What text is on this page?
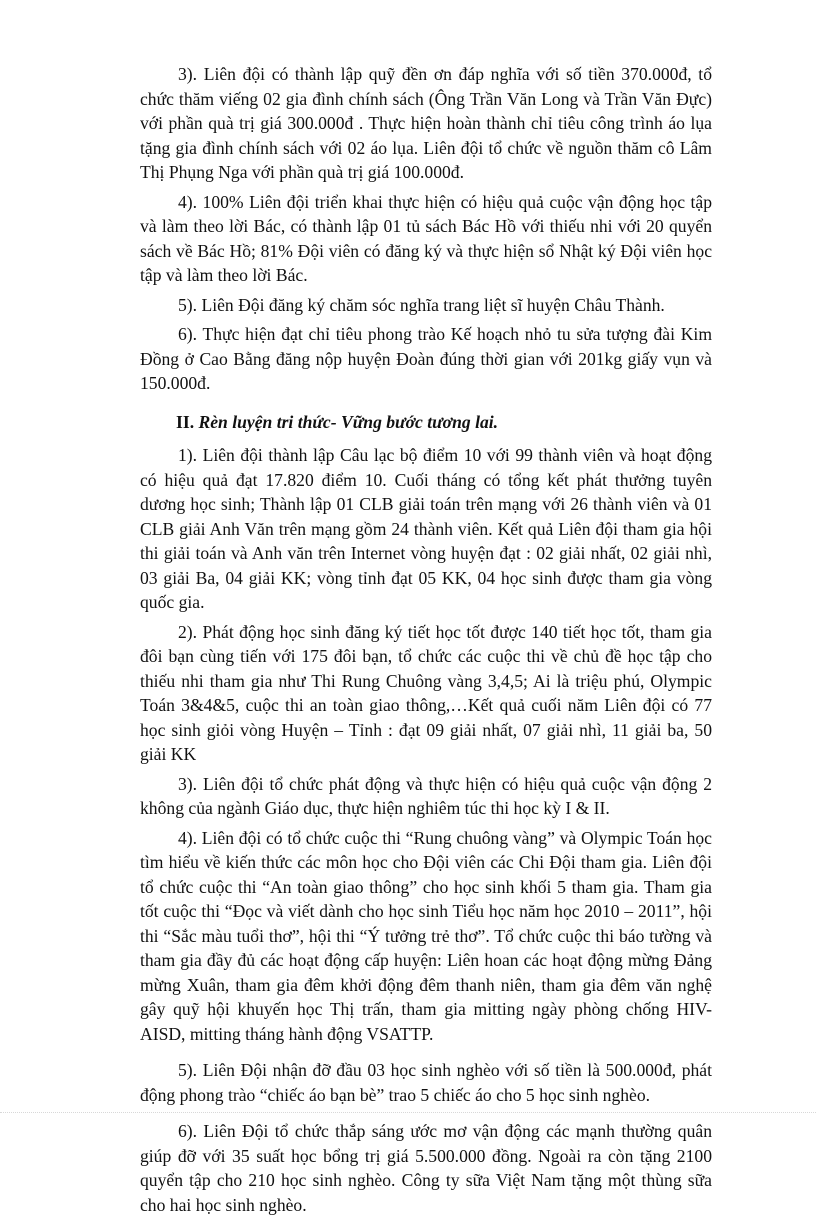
3). Liên đội có thành lập quỹ đền ơn đáp nghĩa với số tiền 370.000đ, tổ chức thăm viếng 02 gia đình chính sách (Ông Trần Văn Long và Trần Văn Đực) với phần quà trị giá 300.000đ . Thực hiện hoàn thành chỉ tiêu công trình áo lụa tặng gia đình chính sách với 02 áo lụa. Liên đội tổ chức về nguồn thăm cô Lâm Thị Phụng Nga với phần quà trị giá 100.000đ.

4). 100% Liên đội triển khai thực hiện có hiệu quả cuộc vận động học tập và làm theo lời Bác, có thành lập 01 tủ sách Bác Hồ với thiếu nhi với 20 quyển sách về Bác Hồ; 81% Đội viên có đăng ký và thực hiện sổ Nhật ký Đội viên học tập và làm theo lời Bác.

5). Liên Đội đăng ký chăm sóc nghĩa trang liệt sĩ huyện Châu Thành.

6). Thực hiện đạt chỉ tiêu phong trào Kế hoạch nhỏ tu sửa tượng đài Kim Đồng ở Cao Bằng đăng nộp huyện Đoàn đúng thời gian với 201kg giấy vụn và 150.000đ.

II. Rèn luyện tri thức- Vững bước tương lai.

1). Liên đội thành lập Câu lạc bộ điểm 10 với 99 thành viên và hoạt động có hiệu quả đạt 17.820 điểm 10. Cuối tháng có tổng kết phát thưởng tuyên dương học sinh; Thành lập 01 CLB giải toán trên mạng với 26 thành viên và 01 CLB giải Anh Văn trên mạng gồm 24 thành viên. Kết quả Liên đội tham gia hội thi giải toán và Anh văn trên Internet vòng huyện đạt : 02 giải nhất, 02 giải nhì, 03 giải Ba, 04 giải KK; vòng tỉnh đạt 05 KK, 04 học sinh được tham gia vòng quốc gia.

2). Phát động học sinh đăng ký tiết học tốt được 140 tiết học tốt, tham gia đôi bạn cùng tiến với 175 đôi bạn, tổ chức các cuộc thi về chủ đề học tập cho thiếu nhi tham gia như Thi Rung Chuông vàng 3,4,5; Ai là triệu phú, Olympic Toán 3&4&5, cuộc thi an toàn giao thông,…Kết quả cuối năm Liên đội có 77 học sinh giỏi vòng Huyện – Tỉnh : đạt 09 giải nhất, 07 giải nhì, 11 giải ba, 50 giải KK

3). Liên đội tổ chức phát động và thực hiện có hiệu quả cuộc vận động 2 không của ngành Giáo dục, thực hiện nghiêm túc thi học kỳ I & II.

4). Liên đội có tổ chức cuộc thi “Rung chuông vàng” và Olympic Toán học tìm hiểu về kiến thức các môn học cho Đội viên các Chi Đội tham gia. Liên đội tổ chức cuộc thi “An toàn giao thông” cho học sinh khối 5 tham gia. Tham gia tốt cuộc thi “Đọc và viết dành cho học sinh Tiểu học năm học 2010 – 2011”, hội thi “Sắc màu tuổi thơ”, hội thi “Ý tưởng trẻ thơ”. Tổ chức cuộc thi báo tường và tham gia đầy đủ các hoạt động cấp huyện: Liên hoan các hoạt động mừng Đảng mừng Xuân, tham gia đêm khởi động đêm thanh niên, tham gia đêm văn nghệ gây quỹ hội khuyến học Thị trấn, tham gia mitting ngày phòng chống HIV-AISD, mitting tháng hành động VSATTP.

5). Liên Đội nhận đỡ đầu 03 học sinh nghèo với số tiền là 500.000đ, phát động phong trào “chiếc áo bạn bè” trao 5 chiếc áo cho 5 học sinh nghèo.

6). Liên Đội tổ chức thắp sáng ước mơ vận động các mạnh thường quân giúp đỡ với 35 suất học bổng trị giá 5.500.000 đồng. Ngoài ra còn tặng 2100 quyển tập cho 210 học sinh nghèo. Công ty sữa Việt Nam tặng một thùng sữa cho hai học sinh nghèo.
